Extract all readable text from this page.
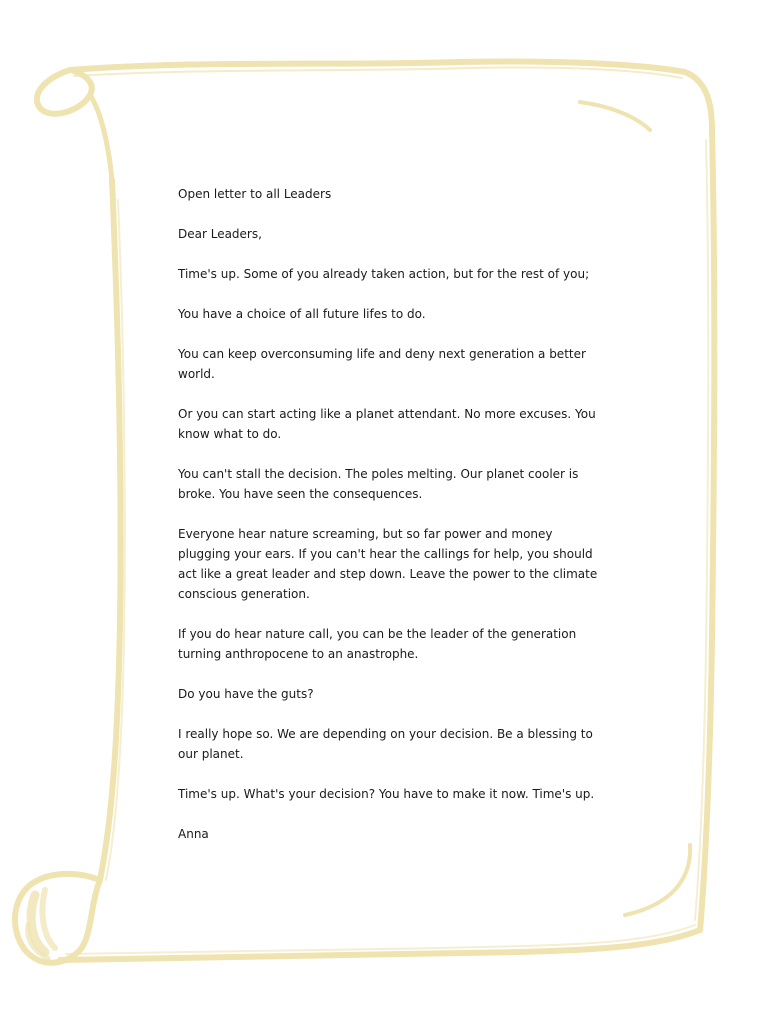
Open letter to all Leaders

Dear Leaders,

Time's up. Some of you already taken action, but for the rest of you;

You have a choice of all future lifes to do.

You can keep overconsuming life and deny next generation a better world.

Or you can start acting like a planet attendant. No more excuses. You know what to do.

You can't stall the decision. The poles melting. Our planet cooler is broke. You have seen the consequences.

Everyone hear nature screaming, but so far power and money plugging your ears. If you can't hear the callings for help, you should act like a great leader and step down. Leave the power to the climate conscious generation.

If you do hear nature call, you can be the leader of the generation turning anthropocene to an anastrophe.

Do you have the guts?

I really hope so. We are depending on your decision. Be a blessing to our planet.

Time's up. What's your decision? You have to make it now. Time's up.

Anna
